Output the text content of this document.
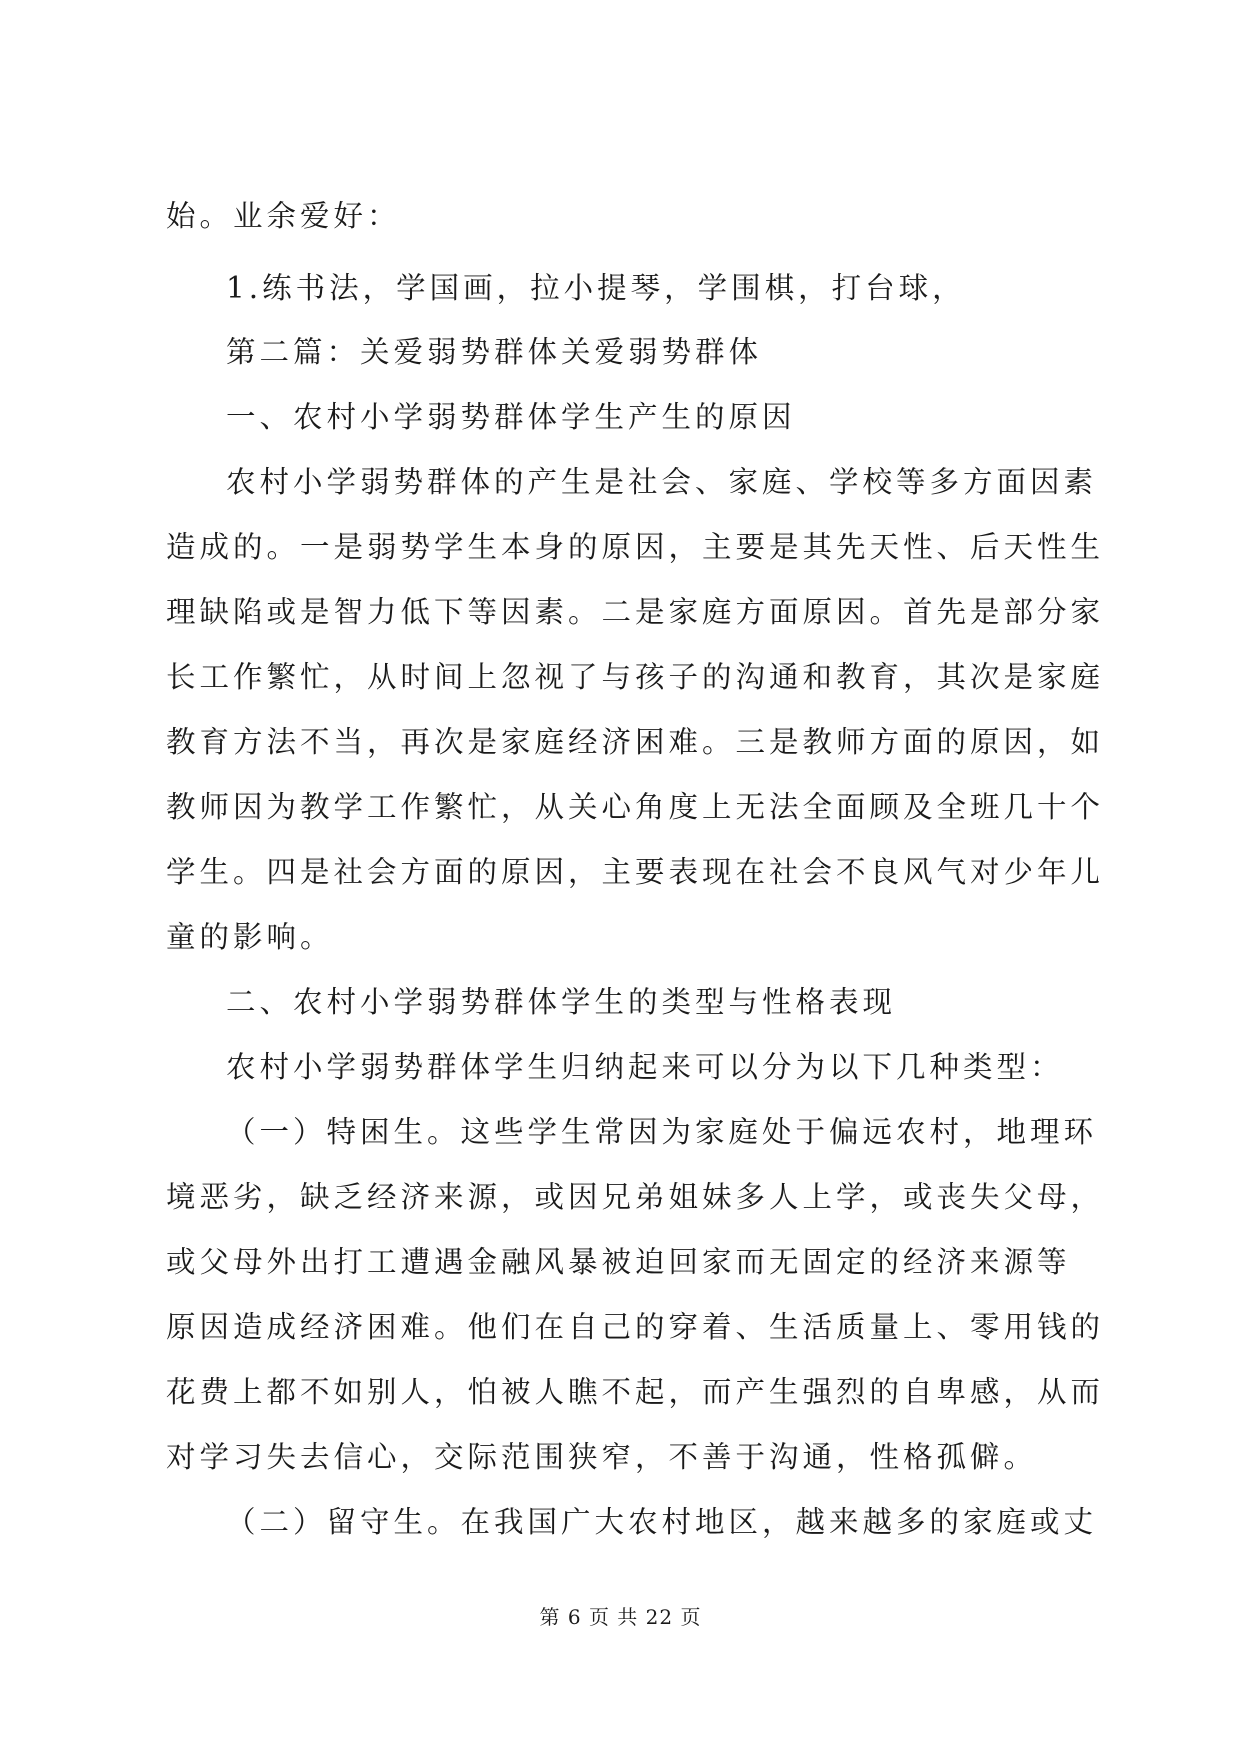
始。业余爱好：
1.练书法，学国画，拉小提琴，学围棋，打台球，
第二篇：关爱弱势群体关爱弱势群体
一、农村小学弱势群体学生产生的原因
农村小学弱势群体的产生是社会、家庭、学校等多方面因素
造成的。一是弱势学生本身的原因，主要是其先天性、后天性生
理缺陷或是智力低下等因素。二是家庭方面原因。首先是部分家
长工作繁忙，从时间上忽视了与孩子的沟通和教育，其次是家庭
教育方法不当，再次是家庭经济困难。三是教师方面的原因，如
教师因为教学工作繁忙，从关心角度上无法全面顾及全班几十个
学生。四是社会方面的原因，主要表现在社会不良风气对少年儿
童的影响。
二、农村小学弱势群体学生的类型与性格表现
农村小学弱势群体学生归纳起来可以分为以下几种类型：
（一）特困生。这些学生常因为家庭处于偏远农村，地理环
境恶劣，缺乏经济来源，或因兄弟姐妹多人上学，或丧失父母，
或父母外出打工遭遇金融风暴被迫回家而无固定的经济来源等
原因造成经济困难。他们在自己的穿着、生活质量上、零用钱的
花费上都不如别人，怕被人瞧不起，而产生强烈的自卑感，从而
对学习失去信心，交际范围狭窄，不善于沟通，性格孤僻。
（二）留守生。在我国广大农村地区，越来越多的家庭或丈
第 6 页 共 22 页
